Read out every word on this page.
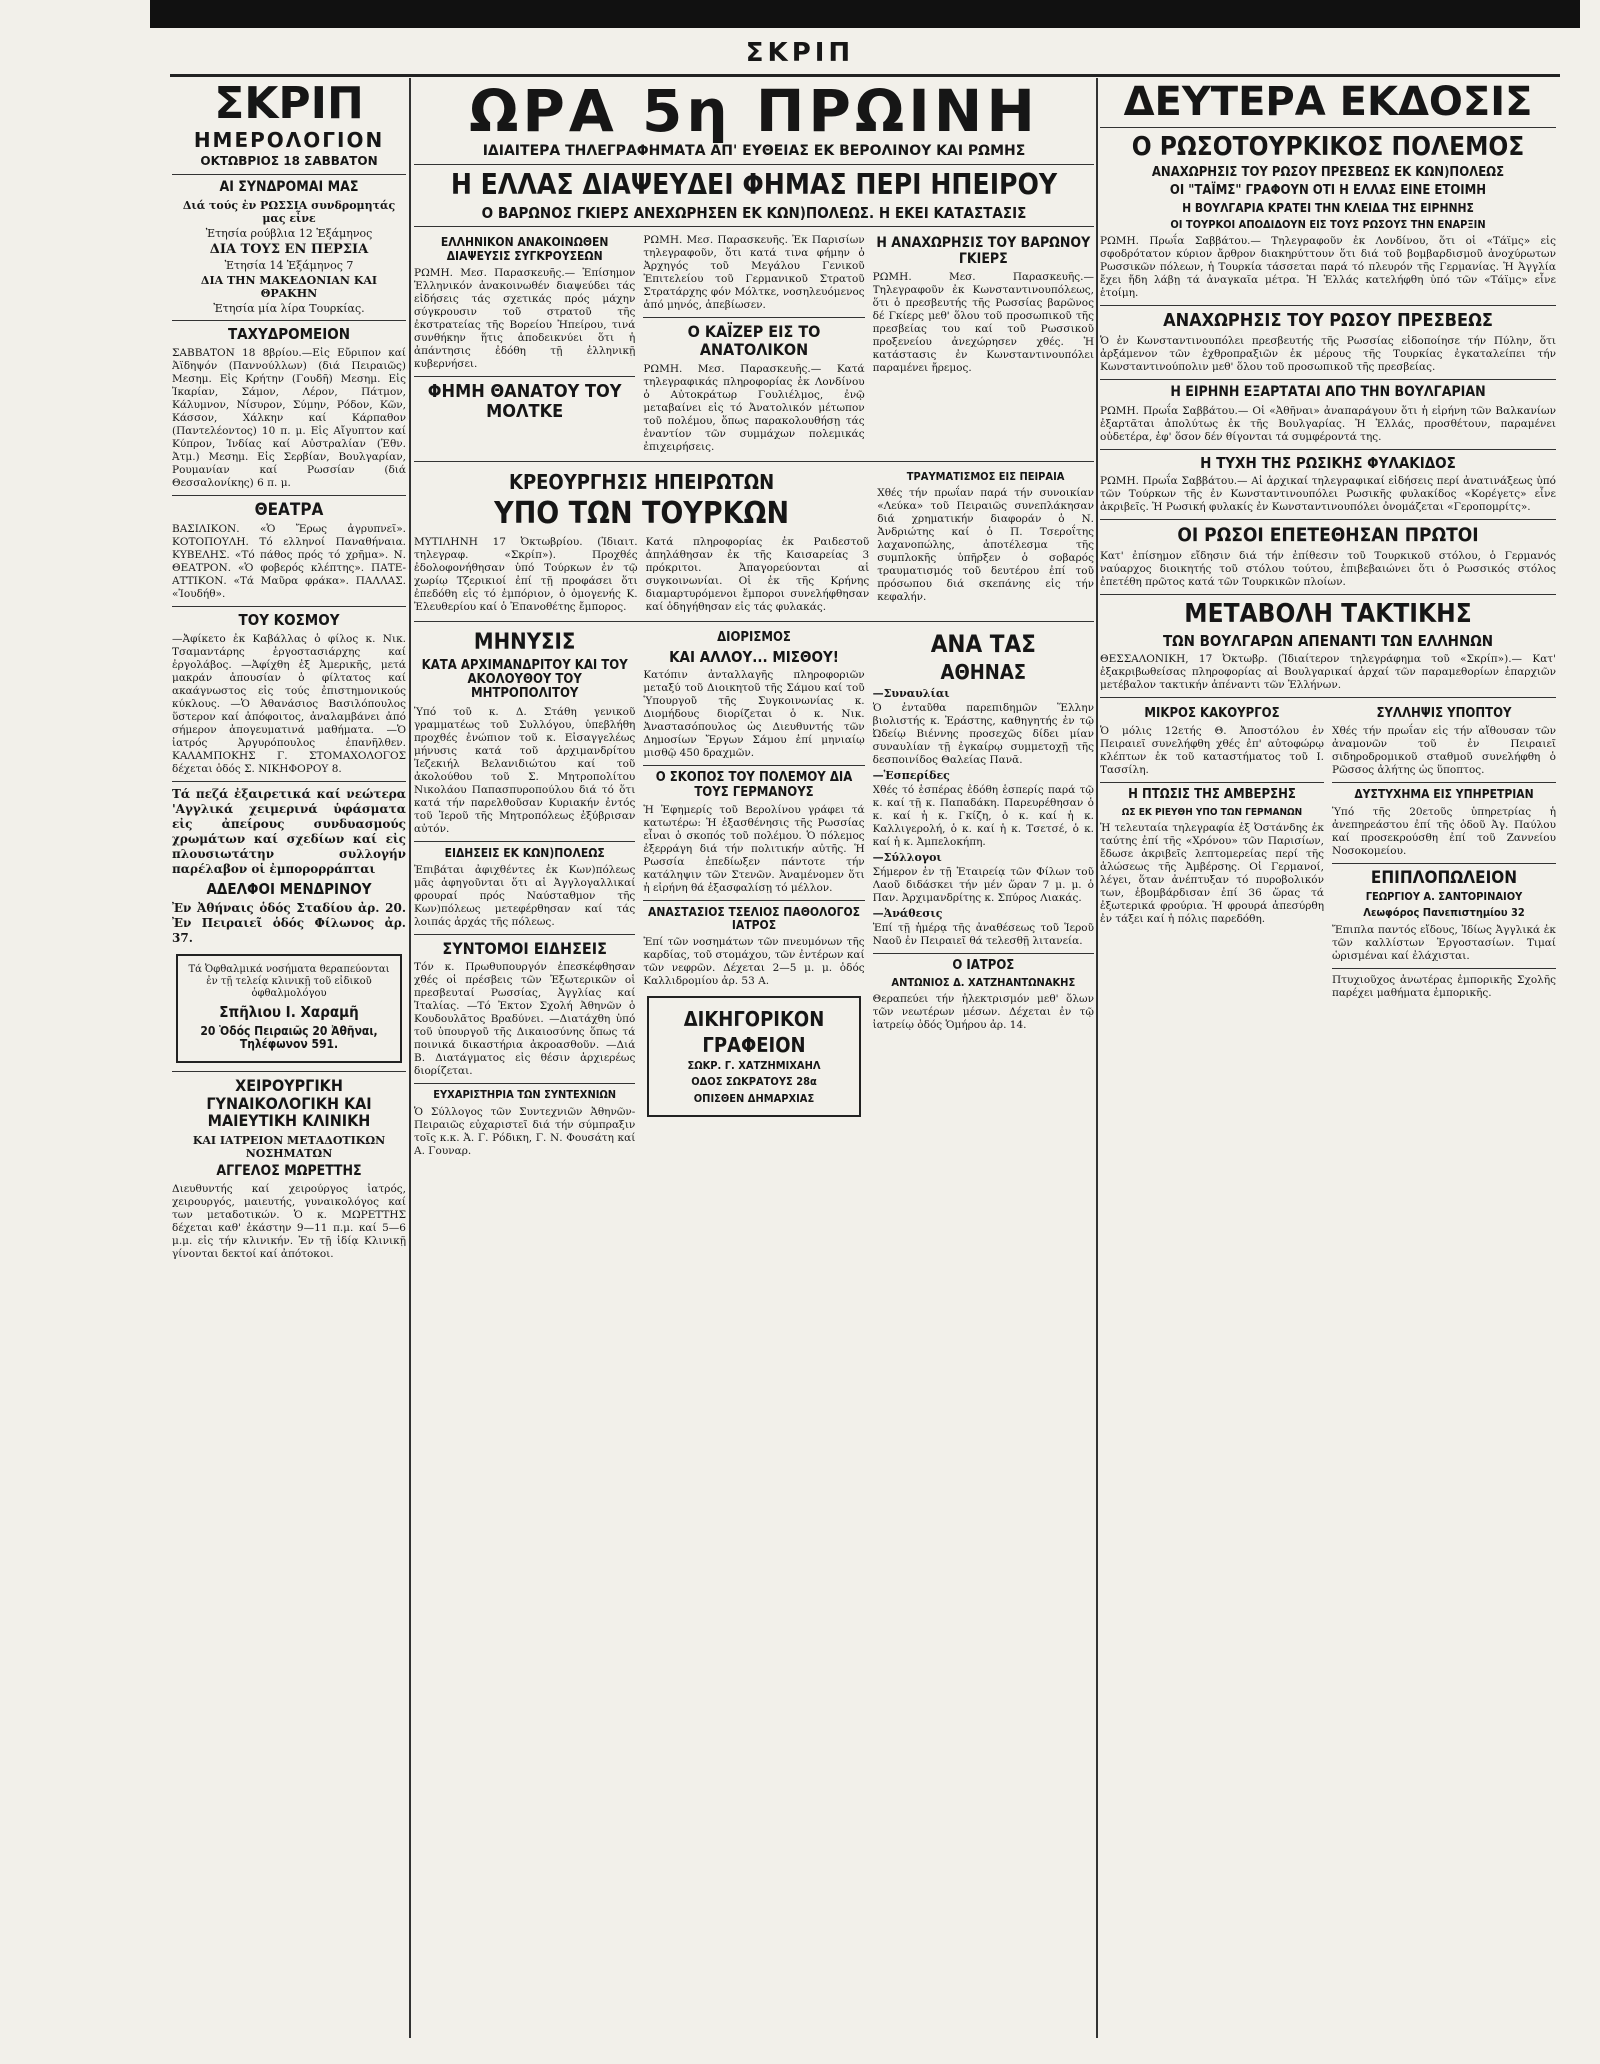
ΣΚΡΙΠ
ΣΚΡΙΠ
ΗΜΕΡΟΛΟΓΙΟΝ
ΟΚΤΩΒΡΙΟΣ 18 ΣΑΒΒΑΤΟΝ
ΑΙ ΣΥΝΔΡΟΜΑΙ ΜΑΣ
Διά τούς ἐν ΡΩΣΣΙΑ συνδρομητάς μας εἶνε
Ἐτησία ρούβλια 12 Ἑξάμηνος
ΔΙΑ ΤΟΥΣ ΕΝ ΠΕΡΣΙΑ
Ἐτησία 14 Ἑξάμηνος 7
ΔΙΑ ΤΗΝ ΜΑΚΕΔΟΝΙΑΝ ΚΑΙ ΘΡΑΚΗΝ
Ἐτησία μία λίρα Τουρκίας.
ΤΑΧΥΔΡΟΜΕΙΟΝ
ΣΑΒΒΑΤΟΝ 18 8βρίου.—Εἰς Εὔριπον καί Ἀϊδηψόν (Παννούλλων) (διά Πειραιῶς) Μεσημ. Εἰς Κρήτην (Γουδῆ) Μεσημ. Εἰς Ἰκαρίαν, Σάμον, Λέρον, Πάτμον, Κάλυμνον, Νίσυρον, Σύμην, Ρόδον, Κῶν, Κάσσον, Χάλκην καί Κάρπαθον (Παντελέοντος) 10 π. μ. Εἰς Αἴγυπτον καί Κύπρον, Ἰνδίας καί Αὐστραλίαν (Ἐθν. Ἀτμ.) Μεσημ. Εἰς Σερβίαν, Βουλγαρίαν, Ρουμανίαν καί Ρωσσίαν (διά Θεσσαλονίκης) 6 π. μ.
ΘΕΑΤΡΑ
ΒΑΣΙΛΙΚΟΝ. «Ὁ Ἔρως ἀγρυπνεῖ». ΚΟΤΟΠΟΥΛΗ. Τό ελληνοί Παναθήναια. ΚΥΒΕΛΗΣ. «Τό πάθος πρός τό χρῆμα». Ν. ΘΕΑΤΡΟΝ. «Ὁ φοβερός κλέπτης». ΠΑΤΕ- ΑΤΤΙΚΟΝ. «Τά Μαῦρα φράκα». ΠΑΛΛΑΣ. «Ἰουδήθ».
ΤΟΥ ΚΟΣΜΟΥ
—Ἀφίκετο ἐκ Καβάλλας ὁ φίλος κ. Νικ. Τσαμαντάρης ἐργοστασιάρχης καί ἐργολάβος. —Ἀφίχθη ἐξ Ἀμερικῆς, μετά μακράν ἀπουσίαν ὁ φίλτατος καί ακαάγνωστος εἰς τούς ἐπιστημονικούς κύκλους. —Ὁ Ἀθανάσιος Βασιλόπουλος ὕστερον καί ἀπόφοιτος, ἀναλαμβάνει ἀπό σήμερον ἀπογευματινά μαθήματα. —Ὁ ἰατρός Ἀργυρόπουλος ἐπανῆλθεν. ΚΑΛΑΜΠΟΚΗΣ Γ. ΣΤΟΜΑΧΟΛΟΓΟΣ δέχεται ὁδός Σ. ΝΙΚΗΦΟΡΟΥ 8.
Τά πεζά ἐξαιρετικά καί νεώτερα 'Αγγλικά χειμερινά ὑφάσματα εἰς ἀπείρους συνδυασμούς χρωμάτων καί σχεδίων καί εἰς πλουσιωτάτην συλλογήν παρέλαβον οἱ ἐμπορορράπται
ΑΔΕΛΦΟΙ ΜΕΝΔΡΙΝΟΥ
Ἐν Ἀθήναις ὁδός Σταδίου ἀρ. 20. Ἐν Πειραιεῖ ὁδός Φίλωνος ἀρ. 37.
Τά Ὀφθαλμικά νοσήματα θεραπεύονται ἐν τῇ τελείᾳ κλινικῇ τοῦ εἰδικοῦ ὀφθαλμολόγου
Σπῆλιου Ι. Χαραμῆ
20 Ὁδός Πειραιῶς 20 Ἀθῆναι, Τηλέφωνον 591.
ΧΕΙΡΟΥΡΓΙΚΗ ΓΥΝΑΙΚΟΛΟΓΙΚΗ ΚΑΙ ΜΑΙΕΥΤΙΚΗ ΚΛΙΝΙΚΗ
ΚΑΙ ΙΑΤΡΕΙΟΝ ΜΕΤΑΔΟΤΙΚΩΝ ΝΟΣΗΜΑΤΩΝ
ΑΓΓΕΛΟΣ ΜΩΡΕΤΤΗΣ
Διευθυντής καί χειρούργος ἰατρός, χειρουργός, μαιευτής, γυναικολόγος καί των μεταδοτικών. Ὁ κ. ΜΩΡΕΤΤΗΣ δέχεται καθ' ἑκάστην 9—11 π.μ. καί 5—6 μ.μ. εἰς τήν κλινικήν. Ἐν τῇ ἰδίᾳ Κλινικῇ γίνονται δεκτοί καί ἀπότοκοι.
ΩΡΑ 5η ΠΡΩΙΝΗ
ΙΔΙΑΙΤΕΡΑ ΤΗΛΕΓΡΑΦΗΜΑΤΑ ΑΠ' ΕΥΘΕΙΑΣ ΕΚ ΒΕΡΟΛΙΝΟΥ ΚΑΙ ΡΩΜΗΣ
Η ΕΛΛΑΣ ΔΙΑΨΕΥΔΕΙ ΦΗΜΑΣ ΠΕΡΙ ΗΠΕΙΡΟΥ
Ο ΒΑΡΩΝΟΣ ΓΚΙΕΡΣ ΑΝΕΧΩΡΗΣΕΝ ΕΚ ΚΩΝ)ΠΟΛΕΩΣ. Η ΕΚΕΙ ΚΑΤΑΣΤΑΣΙΣ
ΕΛΛΗΝΙΚΟΝ ΑΝΑΚΟΙΝΩΘΕΝ ΔΙΑΨΕΥΣΙΣ ΣΥΓΚΡΟΥΣΕΩΝ
ΡΩΜΗ. Μεσ. Παρασκευῆς.— Ἐπίσημον Ἑλληνικόν ἀνακοινωθέν διαψεύδει τάς εἰδήσεις τάς σχετικάς πρός μάχην σύγκρουσιν τοῦ στρατοῦ τῆς ἐκστρατείας τῆς Βορείου Ἠπείρου, τινά συνθήκην ἥτις ἀποδεικνύει ὅτι ἡ ἀπάντησις ἐδόθη τῇ ἐλληνικῇ κυβερνήσει.
ΦΗΜΗ ΘΑΝΑΤΟΥ ΤΟΥ ΜΟΛΤΚΕ
ΡΩΜΗ. Μεσ. Παρασκευῆς. Ἐκ Παρισίων τηλεγραφοῦν, ὅτι κατά τινα φήμην ὁ Ἀρχηγός τοῦ Μεγάλου Γενικοῦ Ἐπιτελείου τοῦ Γερμανικοῦ Στρατοῦ Στρατάρχης φόν Μόλτκε, νοσηλευόμενος ἀπό μηνός, ἀπεβίωσεν.
Ο ΚΑΪΖΕΡ ΕΙΣ ΤΟ ΑΝΑΤΟΛΙΚΟΝ
ΡΩΜΗ. Μεσ. Παρασκευῆς.— Κατά τηλεγραφικάς πληροφορίας ἐκ Λονδίνου ὁ Αὐτοκράτωρ Γουλιέλμος, ἐνῷ μεταβαίνει εἰς τό Ἀνατολικόν μέτωπον τοῦ πολέμου, ὅπως παρακολουθήσῃ τάς ἐναντίον τῶν συμμάχων πολεμικάς ἐπιχειρήσεις.
Η ΑΝΑΧΩΡΗΣΙΣ ΤΟΥ ΒΑΡΩΝΟΥ ΓΚΙΕΡΣ
ΡΩΜΗ. Μεσ. Παρασκευῆς.— Τηλεγραφοῦν ἐκ Κωνσταντινουπόλεως, ὅτι ὁ πρεσβευτής τῆς Ρωσσίας βαρῶνος δέ Γκίερς μεθ' ὅλου τοῦ προσωπικοῦ τῆς πρεσβείας του καί τοῦ Ρωσσικοῦ προξενείου ἀνεχώρησεν χθές. Ἡ κατάστασις ἐν Κωνσταντινουπόλει παραμένει ἤρεμος.
ΚΡΕΟΥΡΓΗΣΙΣ ΗΠΕΙΡΩΤΩΝ
ΥΠΟ ΤΩΝ ΤΟΥΡΚΩΝ
ΜΥΤΙΛΗΝΗ 17 Ὀκτωβρίου. (Ἰδιαιτ. τηλεγραφ. «Σκρίπ»). Προχθές ἐδολοφονήθησαν ὑπό Τούρκων ἐν τῷ χωρίῳ Τζερικιοί ἐπί τῇ προφάσει ὅτι ἐπεδόθη εἰς τό ἐμπόριον, ὁ ὁμογενής Κ. Ἐλευθερίου καί ὁ Ἐπανοθέτης ἔμπορος.
Κατά πληροφορίας ἐκ Ραιδεστοῦ ἀπηλάθησαν ἐκ τῆς Καισαρείας 3 πρόκριτοι. Ἀπαγορεύονται αἱ συγκοινωνίαι. Οἱ ἐκ τῆς Κρήνης διαμαρτυρόμενοι ἔμποροι συνελήφθησαν καί ὁδηγήθησαν εἰς τάς φυλακάς.
ΤΡΑΥΜΑΤΙΣΜΟΣ ΕΙΣ ΠΕΙΡΑΙΑ
Χθές τήν πρωΐαν παρά τήν συνοικίαν «Λεύκα» τοῦ Πειραιῶς συνεπλάκησαν διά χρηματικήν διαφοράν ὁ Ν. Ἀνδριώτης καί ὁ Π. Τσεροΐτης λαχανοπώλης, ἀποτέλεσμα τῆς συμπλοκῆς ὑπῆρξεν ὁ σοβαρός τραυματισμός τοῦ δευτέρου ἐπί τοῦ πρόσωπου διά σκεπάνης εἰς τήν κεφαλήν.
ΜΗΝΥΣΙΣ
ΚΑΤΑ ΑΡΧΙΜΑΝΔΡΙΤΟΥ ΚΑΙ ΤΟΥ ΑΚΟΛΟΥΘΟΥ ΤΟΥ ΜΗΤΡΟΠΟΛΙΤΟΥ
Ὑπό τοῦ κ. Δ. Στάθη γενικοῦ γραμματέως τοῦ Συλλόγου, ὑπεβλήθη προχθές ἐνώπιον τοῦ κ. Εἰσαγγελέως μήνυσις κατά τοῦ ἀρχιμανδρίτου Ἰεζεκιήλ Βελανιδιώτου καί τοῦ ἀκολούθου τοῦ Σ. Μητροπολίτου Νικολάου Παπασπυροπούλου διά τό ὅτι κατά τήν παρελθοῦσαν Κυριακήν ἐντός τοῦ Ἱεροῦ τῆς Μητροπόλεως ἐξύβρισαν αὐτόν.
ΕΙΔΗΣΕΙΣ ΕΚ ΚΩΝ)ΠΟΛΕΩΣ
Ἐπιβάται ἀφιχθέντες ἐκ Κων)πόλεως μᾶς ἀφηγοῦνται ὅτι αἱ Ἀγγλογαλλικαί φρουραί πρός Ναύσταθμον τῆς Κων)πόλεως μετεφέρθησαν καί τάς λοιπάς ἀρχάς τῆς πόλεως.
ΣΥΝΤΟΜΟΙ ΕΙΔΗΣΕΙΣ
Τόν κ. Πρωθυπουργόν ἐπεσκέφθησαν χθές οἱ πρέσβεις τῶν Ἐξωτερικῶν οἱ πρεσβευταί Ρωσσίας, Ἀγγλίας καί Ἰταλίας. —Τό Ἐκτον Σχολή Ἀθηνῶν ὁ Κουδουλᾶτος Βραδύνει. —Διατάχθη ὑπό τοῦ ὑπουργοῦ τῆς Δικαιοσύνης ὅπως τά ποινικά δικαστήρια ἀκροασθοῦν. —Διά Β. Διατάγματος εἰς θέσιν ἀρχιερέως διορίζεται.
ΕΥΧΑΡΙΣΤΗΡΙΑ ΤΩΝ ΣΥΝΤΕΧΝΙΩΝ
Ὁ Σύλλογος τῶν Συντεχνιῶν Ἀθηνῶν-Πειραιῶς εὐχαριστεῖ διά τήν σύμπραξιν τοῖς κ.κ. Ἀ. Γ. Ρόδικη, Γ. Ν. Φουσάτη καί Α. Γουναρ.
ΔΙΟΡΙΣΜΟΣ
ΚΑΙ ΑΛΛΟΥ... ΜΙΣΘΟΥ!
Κατόπιν ἀνταλλαγῆς πληροφοριῶν μεταξύ τοῦ Διοικητοῦ τῆς Σάμου καί τοῦ Ὑπουργοῦ τῆς Συγκοινωνίας κ. Διομήδους διορίζεται ὁ κ. Νικ. Ἀναστασόπουλος ὡς Διευθυντής τῶν Δημοσίων Ἔργων Σάμου ἐπί μηνιαίῳ μισθῷ 450 δραχμῶν.
Ο ΣΚΟΠΟΣ ΤΟΥ ΠΟΛΕΜΟΥ ΔΙΑ ΤΟΥΣ ΓΕΡΜΑΝΟΥΣ
Ἡ Ἐφημερίς τοῦ Βερολίνου γράφει τά κατωτέρω: Ἡ ἐξασθένησις τῆς Ρωσσίας εἶναι ὁ σκοπός τοῦ πολέμου. Ὁ πόλεμος ἐξερράγη διά τήν πολιτικήν αὐτῆς. Ἡ Ρωσσία ἐπεδίωξεν πάντοτε τήν κατάληψιν τῶν Στενῶν. Ἀναμένομεν ὅτι ἡ εἰρήνη θά ἐξασφαλίσῃ τό μέλλον.
ΑΝΑΣΤΑΣΙΟΣ ΤΣΕΛΙΟΣ ΠΑΘΟΛΟΓΟΣ ΙΑΤΡΟΣ
Ἐπί τῶν νοσημάτων τῶν πνευμόνων τῆς καρδίας, τοῦ στομάχου, τῶν ἐντέρων καί τῶν νεφρῶν. Δέχεται 2—5 μ. μ. ὁδός Καλλιδρομίου ἀρ. 53 Α.
ΔΙΚΗΓΟΡΙΚΟΝ
ΓΡΑΦΕΙΟΝ
ΣΩΚΡ. Γ. ΧΑΤΖΗΜΙΧΑΗΛ
ΟΔΟΣ ΣΩΚΡΑΤΟΥΣ 28α
ΟΠΙΣΘΕΝ ΔΗΜΑΡΧΙΑΣ
ΑΝΑ ΤΑΣ
ΑΘΗΝΑΣ
—Συναυλίαι
Ὁ ἐνταῦθα παρεπιδημῶν Ἕλλην βιολιστής κ. Ἐράστης, καθηγητής ἐν τῷ Ὠδείῳ Βιέννης προσεχῶς δίδει μίαν συναυλίαν τῇ ἐγκαίρῳ συμμετοχῇ τῆς δεσποινίδος Θαλείας Πανᾶ.
—Ἑσπερίδες
Χθές τό ἑσπέρας ἐδόθη ἑσπερίς παρά τῷ κ. καί τῇ κ. Παπαδάκη. Παρευρέθησαν ὁ κ. καί ἡ κ. Γκίζη, ὁ κ. καί ἡ κ. Καλλιγερολή, ὁ κ. καί ἡ κ. Τσετσέ, ὁ κ. καί ἡ κ. Ἀμπελοκήπη.
—Σύλλογοι
Σήμερον ἐν τῇ Ἑταιρείᾳ τῶν Φίλων τοῦ Λαοῦ διδάσκει τήν μέν ὥραν 7 μ. μ. ὁ Παν. Ἀρχιμανδρίτης κ. Σπύρος Λιακάς.
—Ἀνάθεσις
Ἐπί τῇ ἡμέρᾳ τῆς ἀναθέσεως τοῦ Ἱεροῦ Ναοῦ ἐν Πειραιεῖ θά τελεσθῇ λιτανεία.
Ο ΙΑΤΡΟΣ
ΑΝΤΩΝΙΟΣ Δ. ΧΑΤΖΗΑΝΤΩΝΑΚΗΣ
Θεραπεύει τήν ἠλεκτρισμόν μεθ' ὅλων τῶν νεωτέρων μέσων. Δέχεται ἐν τῷ ἰατρείῳ ὁδός Ὁμήρου ἀρ. 14.
ΔΕΥΤΕΡΑ ΕΚΔΟΣΙΣ
Ο ΡΩΣΟΤΟΥΡΚΙΚΟΣ ΠΟΛΕΜΟΣ
ΑΝΑΧΩΡΗΣΙΣ ΤΟΥ ΡΩΣΟΥ ΠΡΕΣΒΕΩΣ ΕΚ ΚΩΝ)ΠΟΛΕΩΣ
ΟΙ "ΤΑΪΜΣ" ΓΡΑΦΟΥΝ ΟΤΙ Η ΕΛΛΑΣ ΕΙΝΕ ΕΤΟΙΜΗ
Η ΒΟΥΛΓΑΡΙΑ ΚΡΑΤΕΙ ΤΗΝ ΚΛΕΙΔΑ ΤΗΣ ΕΙΡΗΝΗΣ
ΟΙ ΤΟΥΡΚΟΙ ΑΠΟΔΙΔΟΥΝ ΕΙΣ ΤΟΥΣ ΡΩΣΟΥΣ ΤΗΝ ΕΝΑΡΞΙΝ
ΡΩΜΗ. Πρωΐα Σαββάτου.— Τηλεγραφοῦν ἐκ Λονδίνου, ὅτι οἱ «Τάϊμς» εἰς σφοδρότατον κύριον ἄρθρον διακηρύττουν ὅτι διά τοῦ βομβαρδισμοῦ ἀνοχύρωτων Ρωσσικῶν πόλεων, ἡ Τουρκία τάσσεται παρά τό πλευρόν τῆς Γερμανίας. Ἡ Ἀγγλία ἔχει ἤδη λάβῃ τά ἀναγκαῖα μέτρα. Ἡ Ἑλλάς κατελήφθη ὑπό τῶν «Τάϊμς» εἶνε ἑτοίμη.
ΑΝΑΧΩΡΗΣΙΣ ΤΟΥ ΡΩΣΟΥ ΠΡΕΣΒΕΩΣ
Ὁ ἐν Κωνσταντινουπόλει πρεσβευτής τῆς Ρωσσίας εἰδοποίησε τήν Πύλην, ὅτι ἀρξάμενον τῶν ἐχθροπραξιῶν ἐκ μέρους τῆς Τουρκίας ἐγκαταλείπει τήν Κωνσταντινούπολιν μεθ' ὅλου τοῦ προσωπικοῦ τῆς πρεσβείας.
Η ΕΙΡΗΝΗ ΕΞΑΡΤΑΤΑΙ ΑΠΟ ΤΗΝ ΒΟΥΛΓΑΡΙΑΝ
ΡΩΜΗ. Πρωΐα Σαββάτου.— Οἱ «Ἀθῆναι» ἀναπαράγουν ὅτι ἡ εἰρήνη τῶν Βαλκανίων ἐξαρτᾶται ἀπολύτως ἐκ τῆς Βουλγαρίας. Ἡ Ἑλλάς, προσθέτουν, παραμένει οὐδετέρα, ἐφ' ὅσον δέν θίγονται τά συμφέροντά της.
Η ΤΥΧΗ ΤΗΣ ΡΩΣΙΚΗΣ ΦΥΛΑΚΙΔΟΣ
ΡΩΜΗ. Πρωΐα Σαββάτου.— Αἱ ἀρχικαί τηλεγραφικαί εἰδήσεις περί ἀνατινάξεως ὑπό τῶν Τούρκων τῆς ἐν Κωνσταντινουπόλει Ρωσικῆς φυλακίδος «Κορέγετς» εἶνε ἀκριβεῖς. Ἡ Ρωσική φυλακίς ἐν Κωνσταντινουπόλει ὀνομάζεται «Γεροπομρίτς».
ΟΙ ΡΩΣΟΙ ΕΠΕΤΕΘΗΣΑΝ ΠΡΩΤΟΙ
Κατ' ἐπίσημον εἴδησιν διά τήν ἐπίθεσιν τοῦ Τουρκικοῦ στόλου, ὁ Γερμανός ναύαρχος διοικητής τοῦ στόλου τούτου, ἐπιβεβαιώνει ὅτι ὁ Ρωσσικός στόλος ἐπετέθη πρῶτος κατά τῶν Τουρκικῶν πλοίων.
ΜΕΤΑΒΟΛΗ ΤΑΚΤΙΚΗΣ
ΤΩΝ ΒΟΥΛΓΑΡΩΝ ΑΠΕΝΑΝΤΙ ΤΩΝ ΕΛΛΗΝΩΝ
ΘΕΣΣΑΛΟΝΙΚΗ, 17 Ὀκτωβρ. (Ἰδιαίτερον τηλεγράφημα τοῦ «Σκρίπ»).— Κατ' ἐξακριβωθείσας πληροφορίας αἱ Βουλγαρικαί ἀρχαί τῶν παραμεθορίων ἐπαρχιῶν μετέβαλον τακτικήν ἀπέναντι τῶν Ἑλλήνων.
ΜΙΚΡΟΣ ΚΑΚΟΥΡΓΟΣ
Ὁ μόλις 12ετής Θ. Ἀποστόλου ἐν Πειραιεῖ συνελήφθη χθές ἐπ' αὐτοφώρῳ κλέπτων ἐκ τοῦ καταστήματος τοῦ Ι. Τασσίλη.
Η ΠΤΩΣΙΣ ΤΗΣ ΑΜΒΕΡΣΗΣ
ΩΣ ΕΚ ΡΙΕΥΘΗ ΥΠΟ ΤΩΝ ΓΕΡΜΑΝΩΝ
Ἡ τελευταία τηλεγραφία ἐξ Ὀστάνδης ἐκ ταύτης ἐπί τῆς «Χρόνου» τῶν Παρισίων, ἔδωσε ἀκριβεῖς λεπτομερείας περί τῆς ἁλώσεως τῆς Ἀμβέρσης. Οἱ Γερμανοί, λέγει, ὅταν ἀνέπτυξαν τό πυροβολικόν των, ἐβομβάρδισαν ἐπί 36 ὥρας τά ἐξωτερικά φρούρια. Ἡ φρουρά ἀπεσύρθη ἐν τάξει καί ἡ πόλις παρεδόθη.
ΣΥΛΛΗΨΙΣ ΥΠΟΠΤΟΥ
Χθές τήν πρωΐαν εἰς τήν αἴθουσαν τῶν ἀναμονῶν τοῦ ἐν Πειραιεῖ σιδηροδρομικοῦ σταθμοῦ συνελήφθη ὁ Ρῶσσος ἀλήτης ὡς ὕποπτος.
ΔΥΣΤΥΧΗΜΑ ΕΙΣ ΥΠΗΡΕΤΡΙΑΝ
Ὑπό τῆς 20ετοῦς ὑπηρετρίας ἡ ἀνεπηρεάστου ἐπί τῆς ὁδοῦ Ἀγ. Παύλου καί προσεκρούσθη ἐπί τοῦ Ζαννείου Νοσοκομείου.
ΕΠΙΠΛΟΠΩΛΕΙΟΝ
ΓΕΩΡΓΙΟΥ Α. ΣΑΝΤΟΡΙΝΑΙΟΥ
Λεωφόρος Πανεπιστημίου 32
Ἔπιπλα παντός εἴδους, Ἰδίως Ἀγγλικά ἐκ τῶν καλλίστων Ἐργοστασίων. Τιμαί ὡρισμέναι καί ἐλάχισται.
Πτυχιοῦχος ἀνωτέρας ἐμπορικῆς Σχολῆς παρέχει μαθήματα ἐμπορικῆς.
